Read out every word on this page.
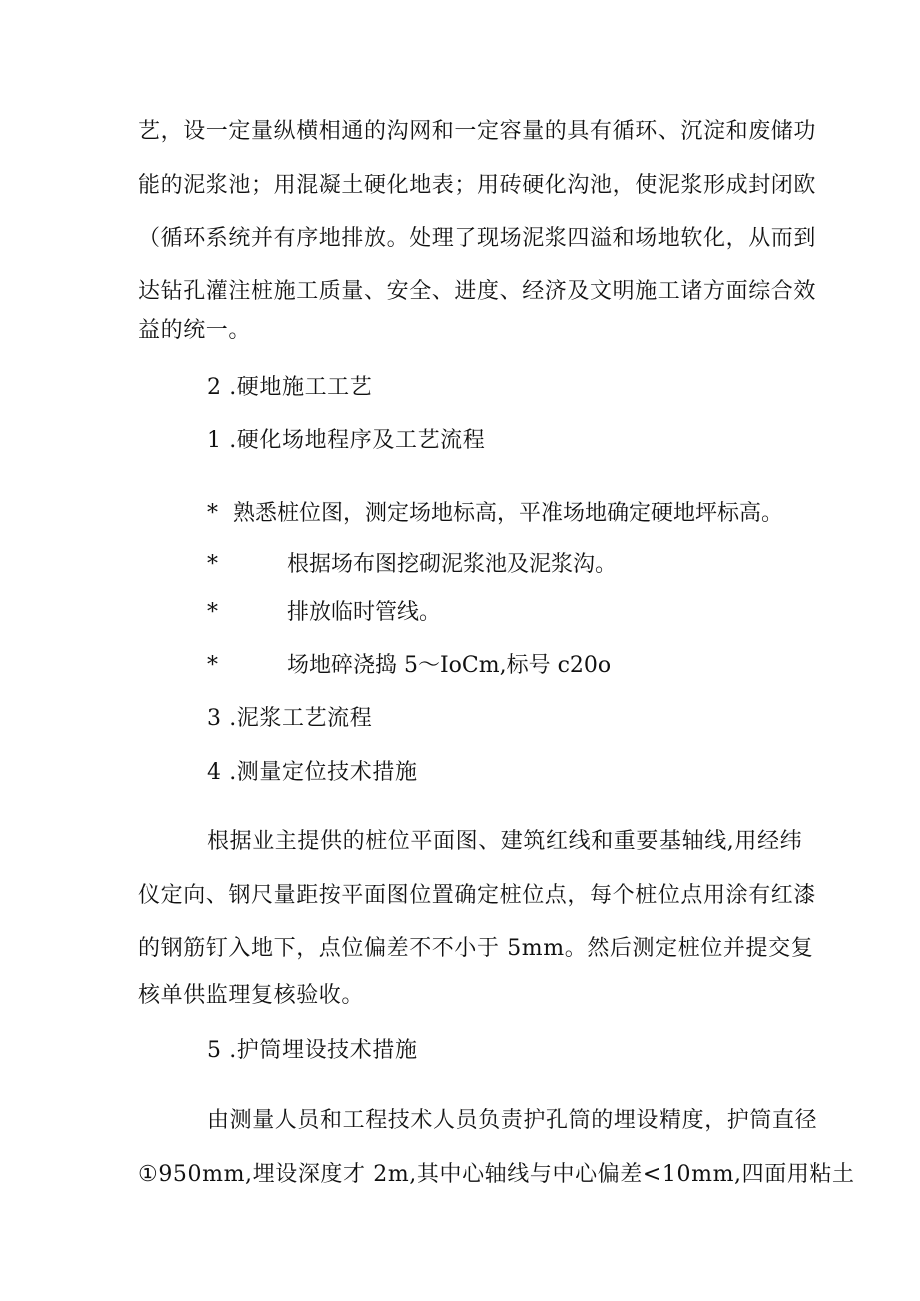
艺，设一定量纵横相通的沟网和一定容量的具有循环、沉淀和废储功
能的泥浆池；用混凝土硬化地表；用砖硬化沟池，使泥浆形成封闭欧
（循环系统并有序地排放。处理了现场泥浆四溢和场地软化，从而到
达钻孔灌注桩施工质量、安全、进度、经济及文明施工诸方面综合效
益的统一。
2 .硬地施工工艺
1 .硬化场地程序及工艺流程
* 熟悉桩位图，测定场地标高，平准场地确定硬地坪标高。
*	根据场布图挖砌泥浆池及泥浆沟。
*	排放临时管线。
*	场地碎浇捣 5～IoCm,标号 c20o
3 .泥浆工艺流程
4 .测量定位技术措施
根据业主提供的桩位平面图、建筑红线和重要基轴线,用经纬
仪定向、钢尺量距按平面图位置确定桩位点，每个桩位点用涂有红漆
的钢筋钉入地下，点位偏差不不小于 5mm。然后测定桩位并提交复
核单供监理复核验收。
5 .护筒埋设技术措施
由测量人员和工程技术人员负责护孔筒的埋设精度，护筒直径
①950mm,埋设深度才 2m,其中心轴线与中心偏差<10mm,四面用粘土
